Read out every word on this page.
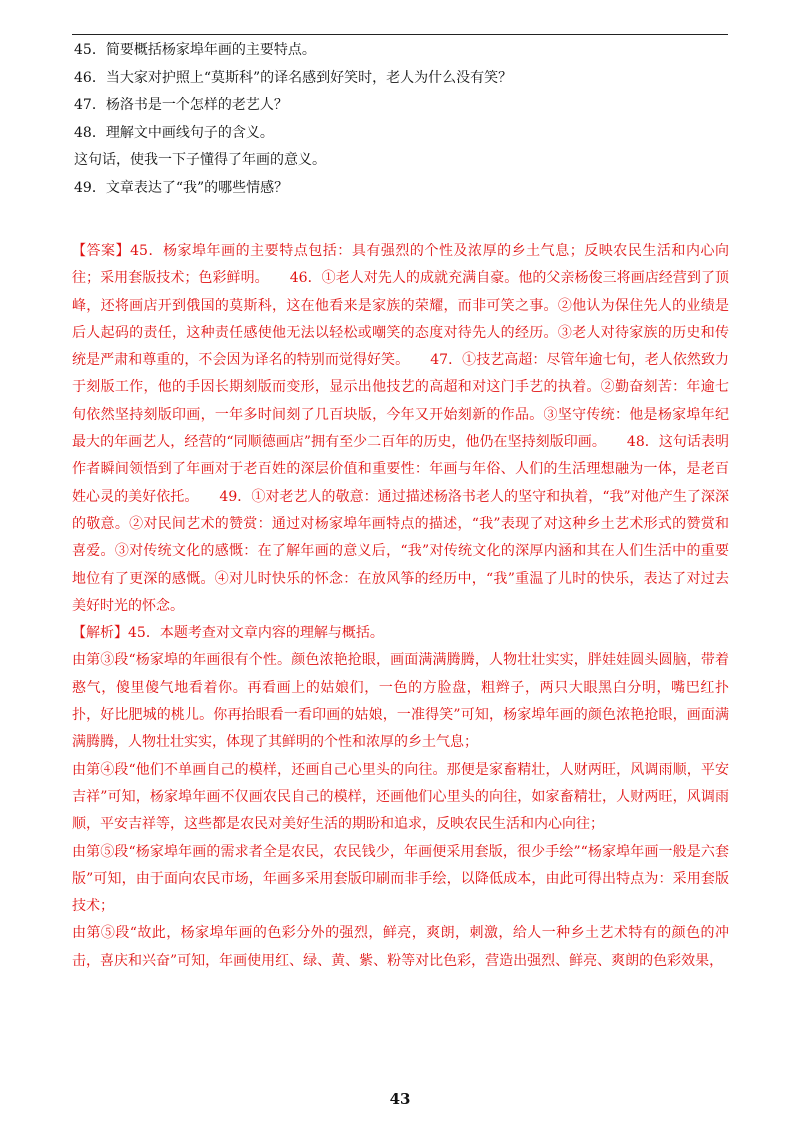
45．简要概括杨家埠年画的主要特点。
46．当大家对护照上“莫斯科”的译名感到好笑时，老人为什么没有笑？
47．杨洛书是一个怎样的老艺人？
48．理解文中画线句子的含义。
这句话，使我一下子懂得了年画的意义。
49．文章表达了“我”的哪些情感？

【答案】45．杨家埠年画的主要特点包括：具有强烈的个性及浓厚的乡土气息；反映农民生活和内心向往；采用套版技术；色彩鲜明。　　46．①老人对先人的成就充满自豪。他的父亲杨俊三将画店经营到了顶峰，还将画店开到俄国的莫斯科，这在他看来是家族的荣耀，而非可笑之事。②他认为保住先人的业绩是后人起码的责任，这种责任感使他无法以轻松或嘲笑的态度对待先人的经历。③老人对待家族的历史和传统是严肃和尊重的，不会因为译名的特别而觉得好笑。　　47．①技艺高超：尽管年逾七旬，老人依然致力于刻版工作，他的手因长期刻版而变形，显示出他技艺的高超和对这门手艺的执着。②勤奋刻苦：年逾七旬依然坚持刻版印画，一年多时间刻了几百块版，今年又开始刻新的作品。③坚守传统：他是杨家埠年纪最大的年画艺人，经营的“同顺德画店”拥有至少二百年的历史，他仍在坚持刻版印画。　　48．这句话表明作者瞬间领悟到了年画对于老百姓的深层价值和重要性：年画与年俗、人们的生活理想融为一体，是老百姓心灵的美好依托。　　49．①对老艺人的敬意：通过描述杨洛书老人的坚守和执着，“我”对他产生了深深的敬意。②对民间艺术的赞赏：通过对杨家埠年画特点的描述，“我”表现了对这种乡土艺术形式的赞赏和喜爱。③对传统文化的感慨：在了解年画的意义后，“我”对传统文化的深厚内涵和其在人们生活中的重要地位有了更深的感慨。④对儿时快乐的怀念：在放风筝的经历中，“我”重温了儿时的快乐，表达了对过去美好时光的怀念。

【解析】45．本题考查对文章内容的理解与概括。

由第③段“杨家埠的年画很有个性。颜色浓艳抢眼，画面满满腾腾，人物壮壮实实，胖娃娃圆头圆脑，带着憨气，傻里傻气地看着你。再看画上的姑娘们，一色的方脸盘，粗辫子，两只大眼黑白分明，嘴巴红扑扑，好比肥城的桃儿。你再抬眼看一看印画的姑娘，一准得笑”可知，杨家埠年画的颜色浓艳抢眼，画面满满腾腾，人物壮壮实实，体现了其鲜明的个性和浓厚的乡土气息；

由第④段“他们不单画自己的模样，还画自己心里头的向往。那便是家畜精壮，人财两旺，风调雨顺，平安吉祥”可知，杨家埠年画不仅画农民自己的模样，还画他们心里头的向往，如家畜精壮，人财两旺，风调雨顺，平安吉祥等，这些都是农民对美好生活的期盼和追求，反映农民生活和内心向往；

由第⑤段“杨家埠年画的需求者全是农民，农民钱少，年画便采用套版，很少手绘”“杨家埠年画一般是六套版”可知，由于面向农民市场，年画多采用套版印刷而非手绘，以降低成本，由此可得出特点为：采用套版技术；

由第⑤段“故此，杨家埠年画的色彩分外的强烈，鲜亮，爽朗，刺激，给人一种乡土艺术特有的颜色的冲击，喜庆和兴奋”可知，年画使用红、绿、黄、紫、粉等对比色彩，营造出强烈、鲜亮、爽朗的色彩效果，

43
